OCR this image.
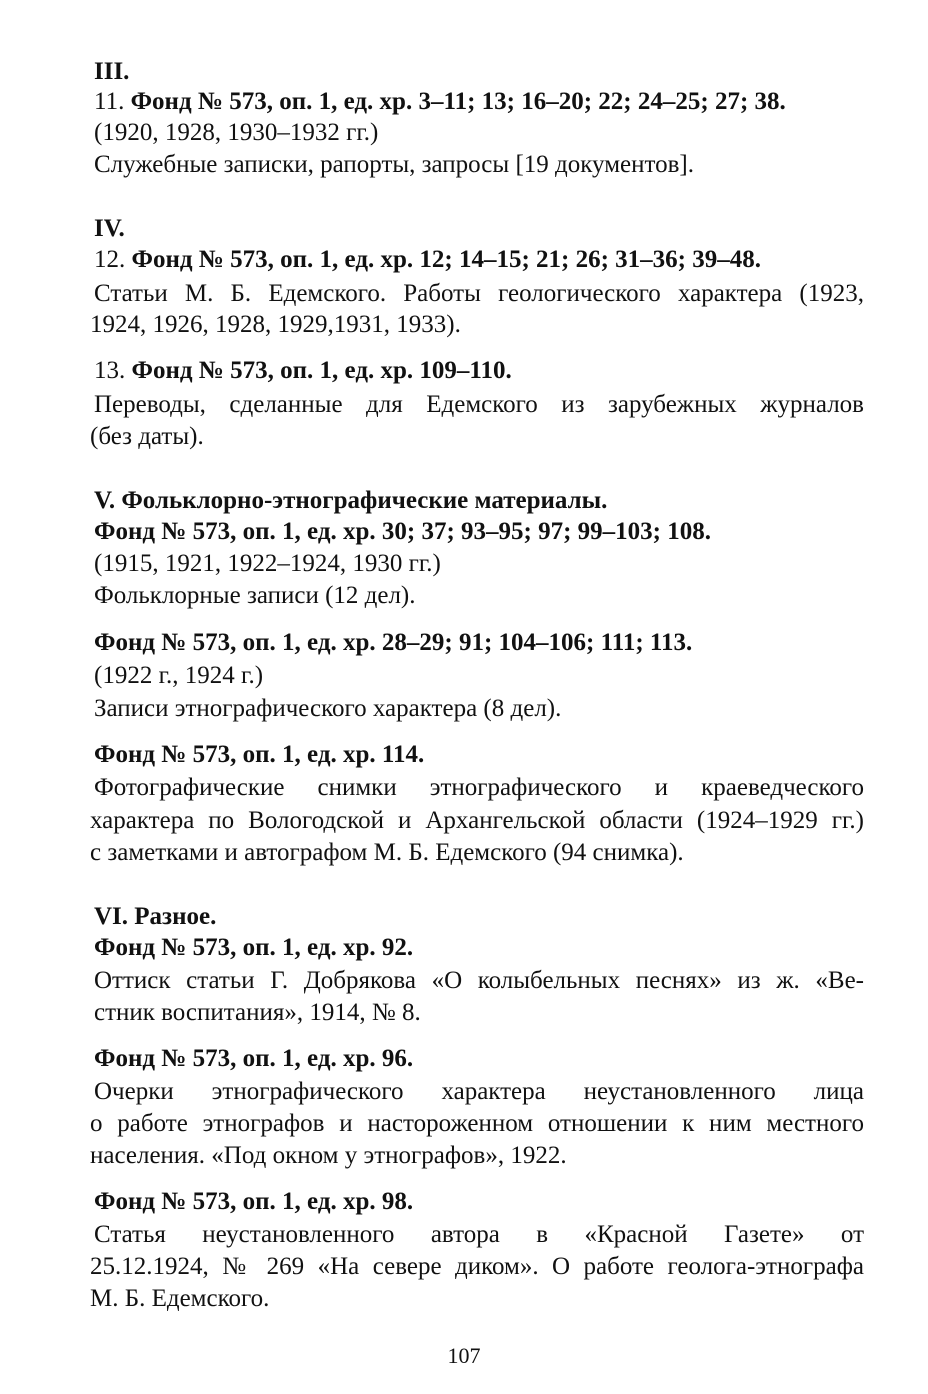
III.
11. Фонд № 573, оп. 1, ед. хр. 3–11; 13; 16–20; 22; 24–25; 27; 38.
(1920, 1928, 1930–1932 гг.)
Служебные записки, рапорты, запросы [19 документов].
IV.
12. Фонд № 573, оп. 1, ед. хр. 12; 14–15; 21; 26; 31–36; 39–48.
Статьи М. Б. Едемского. Работы геологического характера (1923,
1924, 1926, 1928, 1929,1931, 1933).
13. Фонд № 573, оп. 1, ед. хр. 109–110.
Переводы, сделанные для Едемского из зарубежных журналов
(без даты).
V. Фольклорно-этнографические материалы.
Фонд № 573, оп. 1, ед. хр. 30; 37; 93–95; 97; 99–103; 108.
(1915, 1921, 1922–1924, 1930 гг.)
Фольклорные записи (12 дел).
Фонд № 573, оп. 1, ед. хр. 28–29; 91; 104–106; 111; 113.
(1922 г., 1924 г.)
Записи этнографического характера (8 дел).
Фонд № 573, оп. 1, ед. хр. 114.
Фотографические снимки этнографического и краеведческого
характера по Вологодской и Архангельской области (1924–1929 гг.)
с заметками и автографом М. Б. Едемского (94 снимка).
VI. Разное.
Фонд № 573, оп. 1, ед. хр. 92.
Оттиск статьи Г. Добрякова «О колыбельных песнях» из ж. «Ве-
стник воспитания», 1914, № 8.
Фонд № 573, оп. 1, ед. хр. 96.
Очерки этнографического характера неустановленного лица
о работе этнографов и настороженном отношении к ним местного
населения. «Под окном у этнографов», 1922.
Фонд № 573, оп. 1, ед. хр. 98.
Статья неустановленного автора в «Красной Газете» от
25.12.1924, № 269 «На севере диком». О работе геолога-этнографа
М. Б. Едемского.
107
